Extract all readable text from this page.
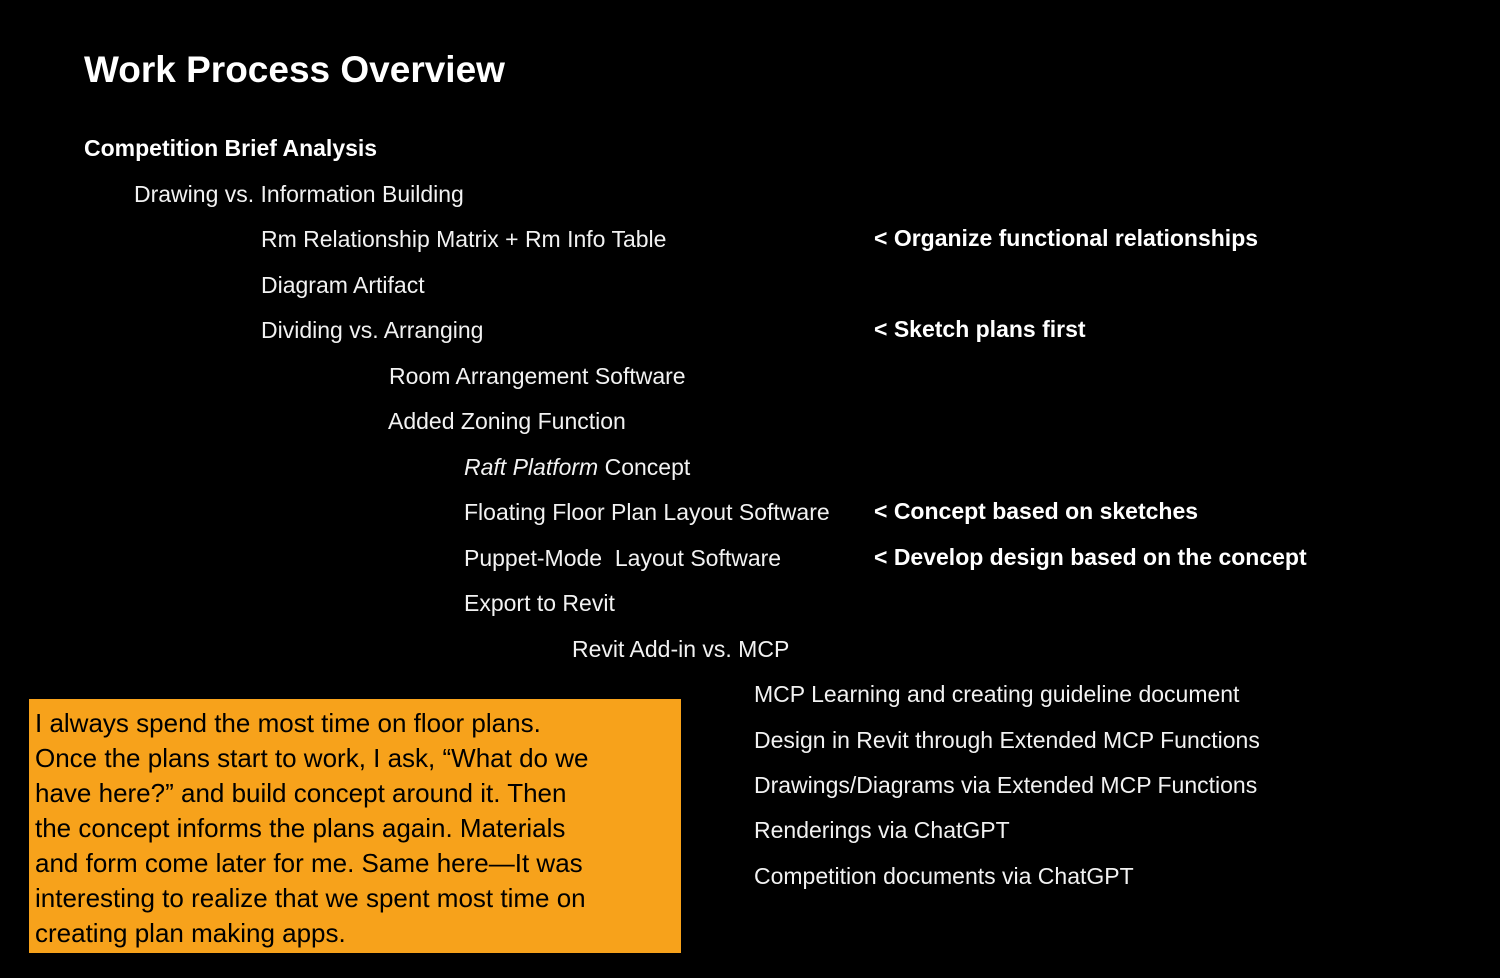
Work Process Overview
Competition Brief Analysis
Drawing vs. Information Building
Rm Relationship Matrix + Rm Info Table	< Organize functional relationships
Diagram Artifact
Dividing vs. Arranging	< Sketch plans first
Room Arrangement Software
Added Zoning Function
Raft Platform Concept
Floating Floor Plan Layout Software < Concept based on sketches
Puppet-Mode  Layout Software	< Develop design based on the concept
Export to Revit
Revit Add-in vs. MCP
MCP Learning and creating guideline document
Design in Revit through Extended MCP Functions
Drawings/Diagrams via Extended MCP Functions
Renderings via ChatGPT
Competition documents via ChatGPT
I always spend the most time on floor plans.
Once the plans start to work, I ask, “What do we
have here?” and build concept around it. Then
the concept informs the plans again. Materials
and form come later for me. Same here—It was
interesting to realize that we spent most time on
creating plan making apps.
